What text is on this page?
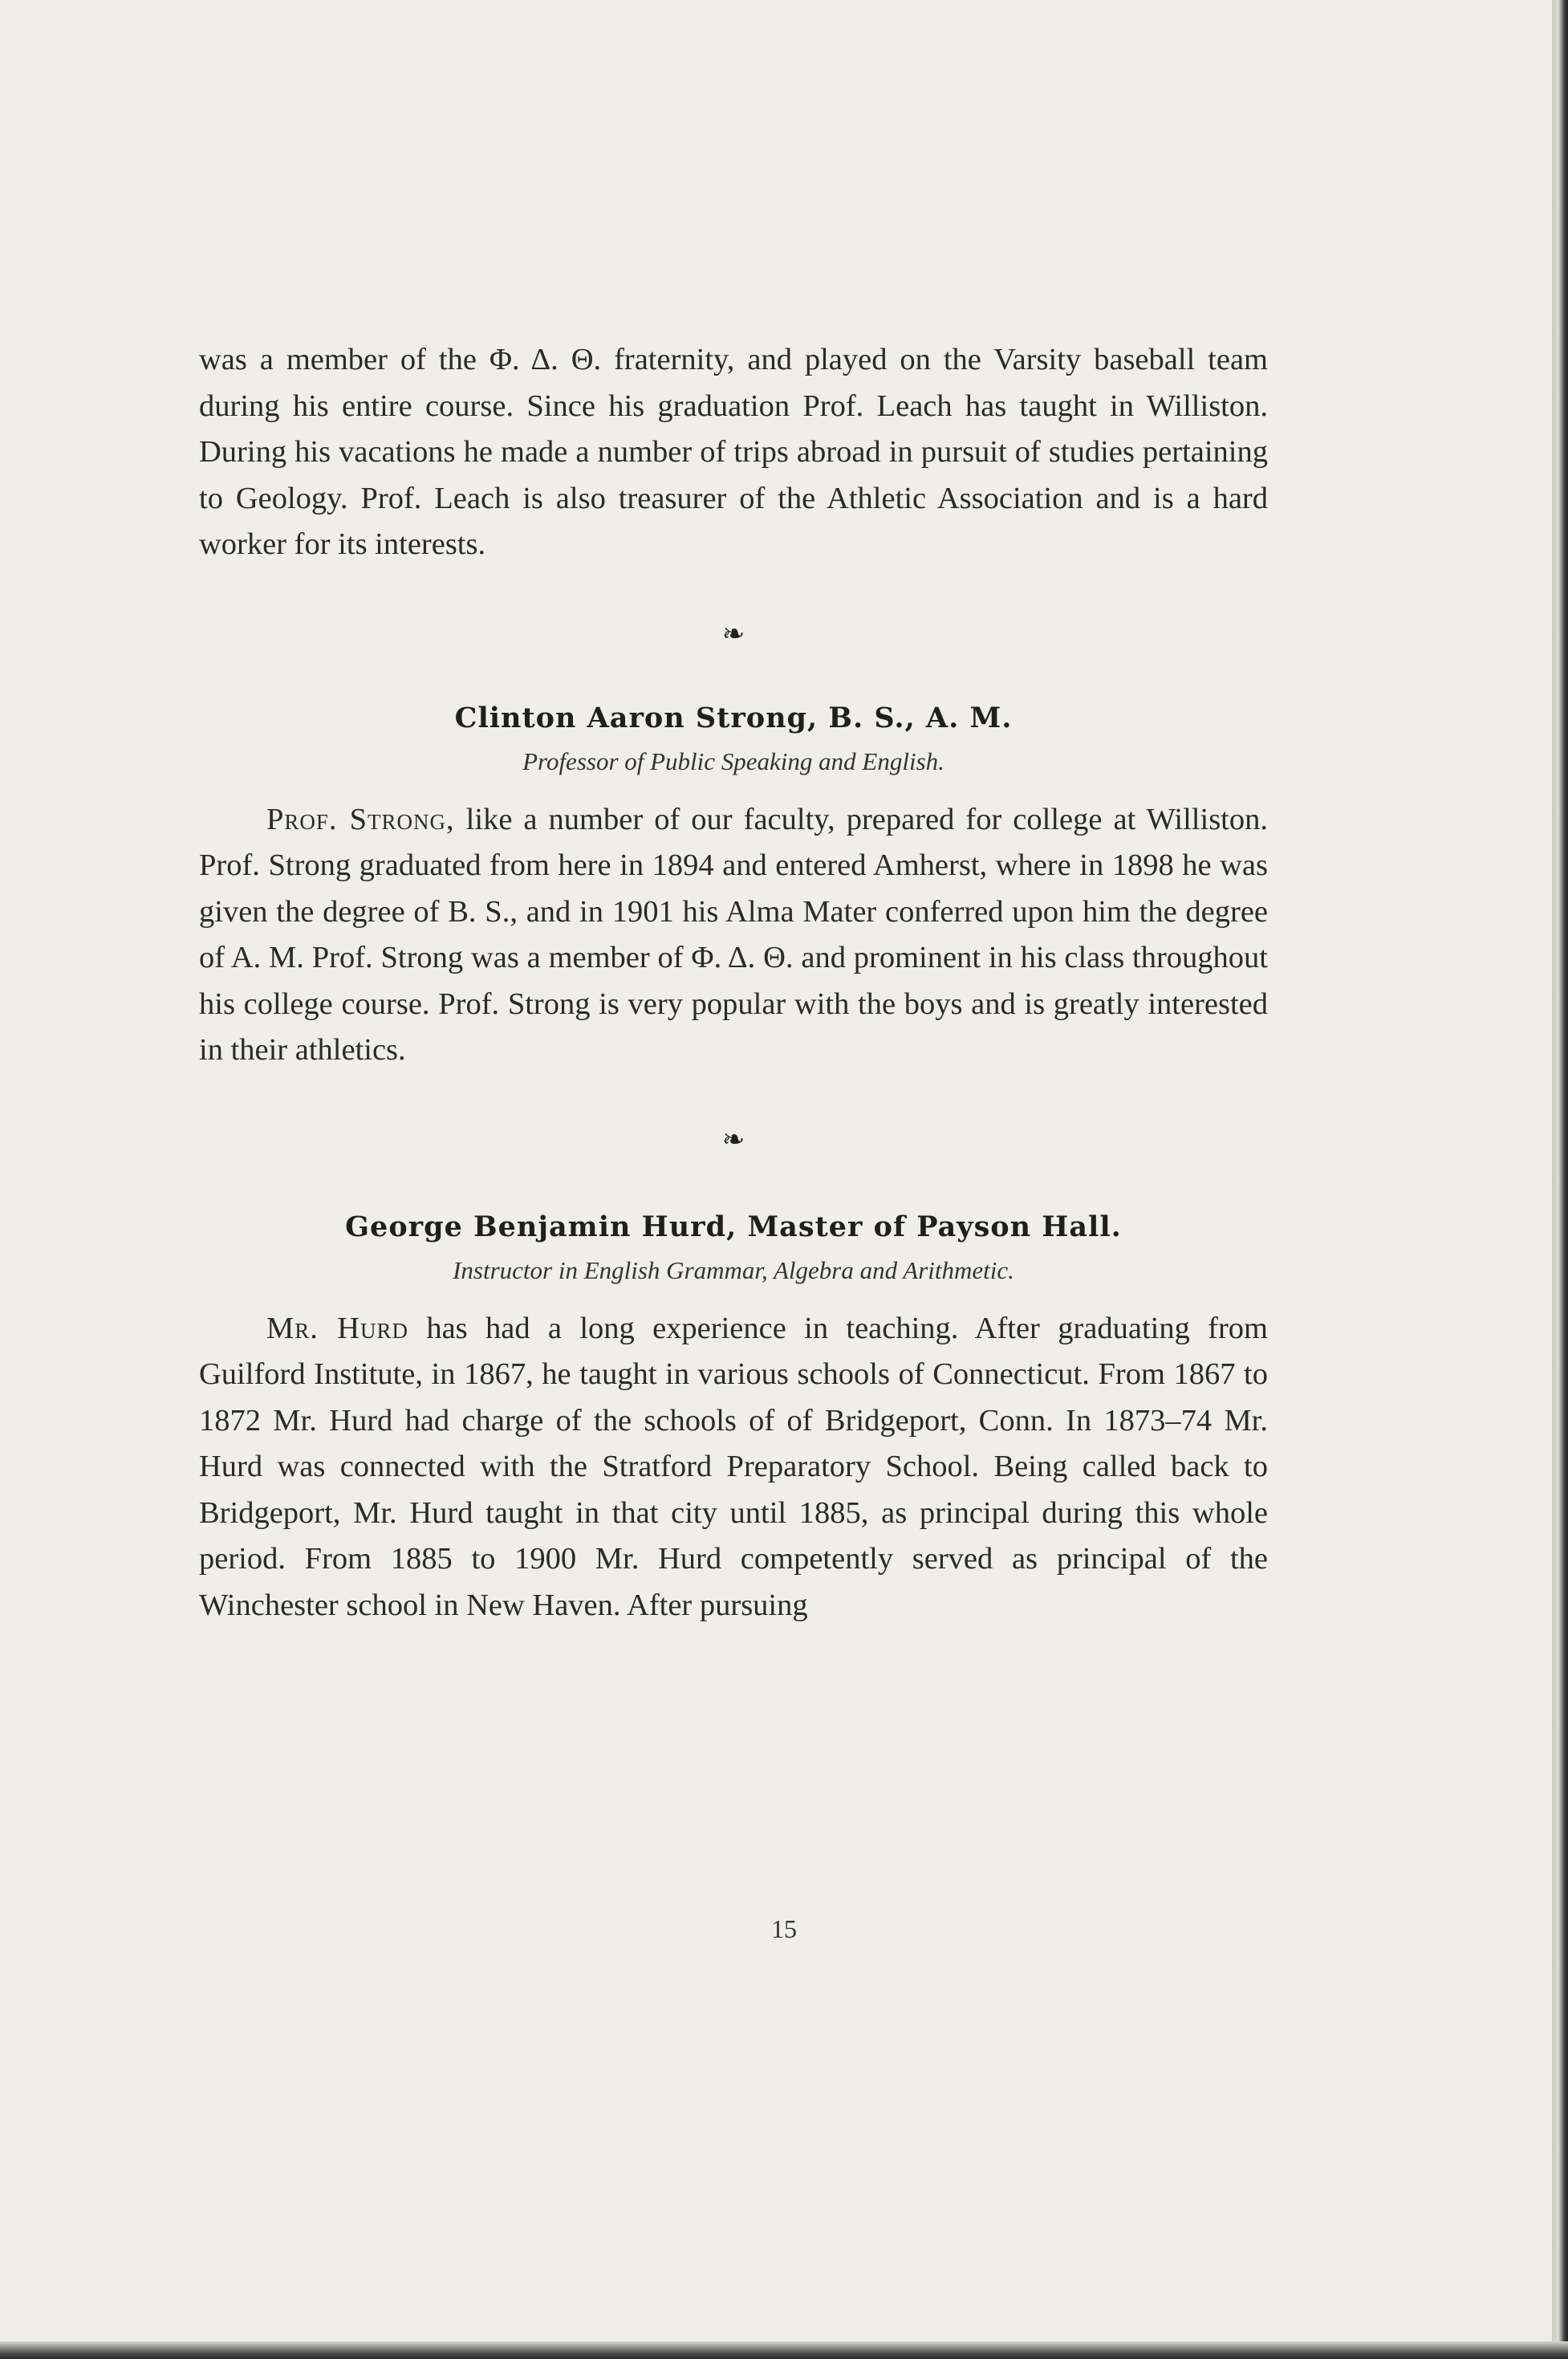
was a member of the Φ. Δ. Θ. fraternity, and played on the Varsity baseball team during his entire course. Since his graduation Prof. Leach has taught in Williston. During his vacations he made a number of trips abroad in pursuit of studies pertaining to Geology. Prof. Leach is also treasurer of the Athletic Association and is a hard worker for its interests.

❧

Clinton Aaron Strong, B. S., A. M.

Professor of Public Speaking and English.

Prof. Strong, like a number of our faculty, prepared for college at Williston. Prof. Strong graduated from here in 1894 and entered Amherst, where in 1898 he was given the degree of B. S., and in 1901 his Alma Mater conferred upon him the degree of A. M. Prof. Strong was a member of Φ. Δ. Θ. and prominent in his class throughout his college course. Prof. Strong is very popular with the boys and is greatly interested in their athletics.

❧

George Benjamin Hurd, Master of Payson Hall.

Instructor in English Grammar, Algebra and Arithmetic.

Mr. Hurd has had a long experience in teaching. After graduating from Guilford Institute, in 1867, he taught in various schools of Connecticut. From 1867 to 1872 Mr. Hurd had charge of the schools of of Bridgeport, Conn. In 1873–74 Mr. Hurd was connected with the Stratford Preparatory School. Being called back to Bridgeport, Mr. Hurd taught in that city until 1885, as principal during this whole period. From 1885 to 1900 Mr. Hurd competently served as principal of the Winchester school in New Haven. After pursuing

15
